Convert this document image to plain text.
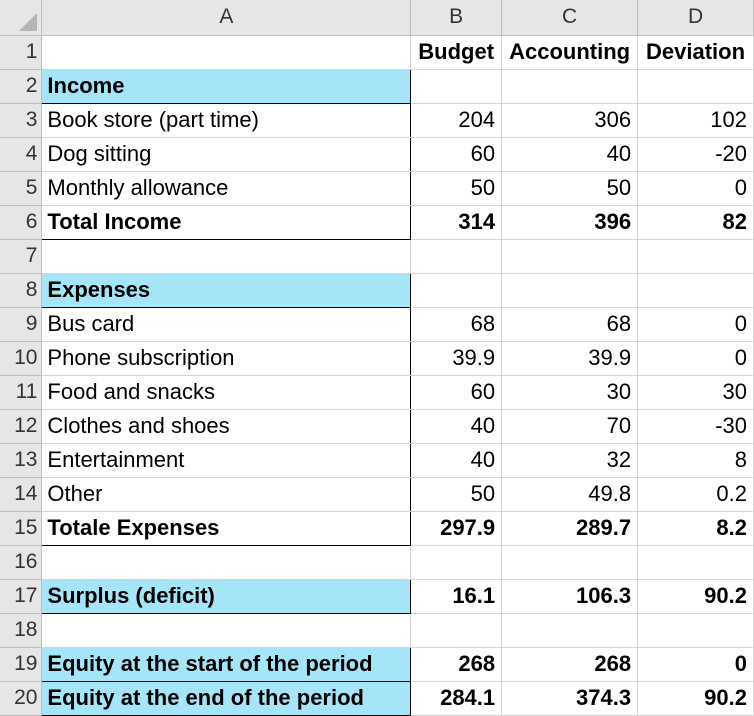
	A	B	C	D
1		Budget	Accounting	Deviation
2	Income			
3	Book store (part time)	204	306	102
4	Dog sitting	60	40	-20
5	Monthly allowance	50	50	0
6	Total Income	314	396	82
7				
8	Expenses			
9	Bus card	68	68	0
10	Phone subscription	39.9	39.9	0
11	Food and snacks	60	30	30
12	Clothes and shoes	40	70	-30
13	Entertainment	40	32	8
14	Other	50	49.8	0.2
15	Totale Expenses	297.9	289.7	8.2
16				
17	Surplus (deficit)	16.1	106.3	90.2
18				
19	Equity at the start of the period	268	268	0
20	Equity at the end of the period	284.1	374.3	90.2
